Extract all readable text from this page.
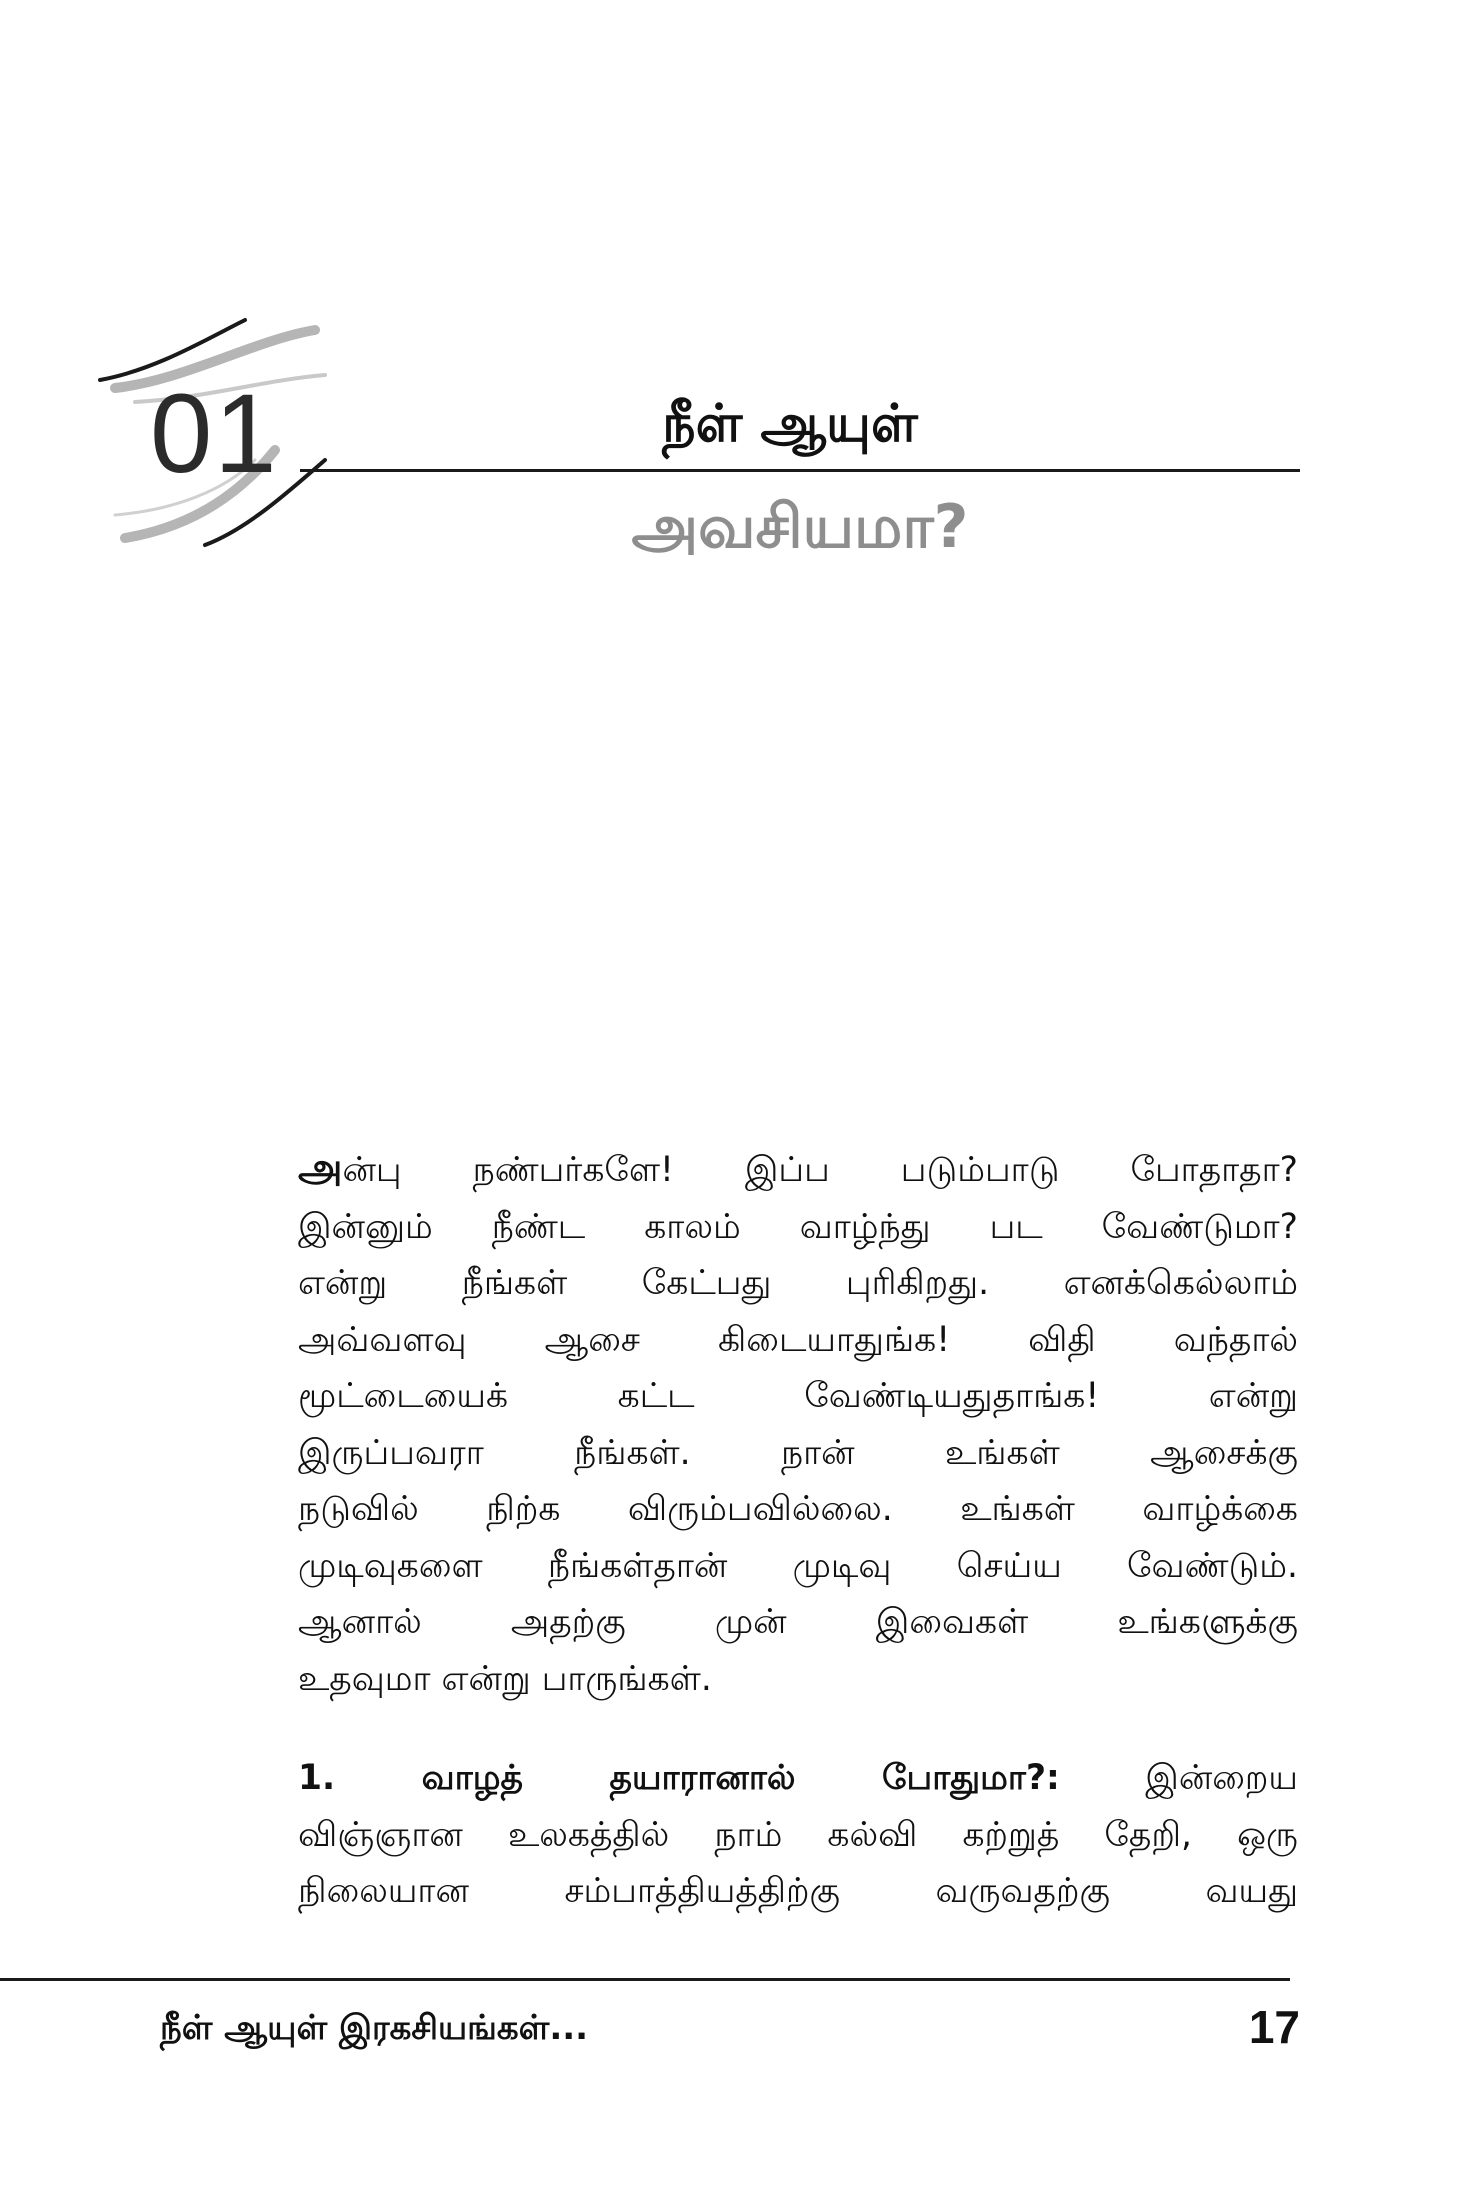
01	நீள் ஆயுள்
அவசியமா?
அன்பு நண்பர்களே! இப்ப படும்பாடு போதாதா?
இன்னும் நீண்ட காலம் வாழ்ந்து பட வேண்டுமா?
என்று நீங்கள் கேட்பது புரிகிறது. எனக்கெல்லாம்
அவ்வளவு ஆசை கிடையாதுங்க! விதி வந்தால்
மூட்டையைக் கட்ட வேண்டியதுதாங்க! என்று
இருப்பவரா நீங்கள். நான் உங்கள் ஆசைக்கு
நடுவில் நிற்க விரும்பவில்லை. உங்கள் வாழ்க்கை
முடிவுகளை நீங்கள்தான் முடிவு செய்ய வேண்டும்.
ஆனால் அதற்கு முன் இவைகள் உங்களுக்கு
உதவுமா என்று பாருங்கள்.
1. வாழத் தயாரானால் போதுமா?: இன்றைய
விஞ்ஞான உலகத்தில் நாம் கல்வி கற்றுத் தேறி, ஒரு
நிலையான சம்பாத்தியத்திற்கு வருவதற்கு வயது
நீள் ஆயுள் இரகசியங்கள்...	17
